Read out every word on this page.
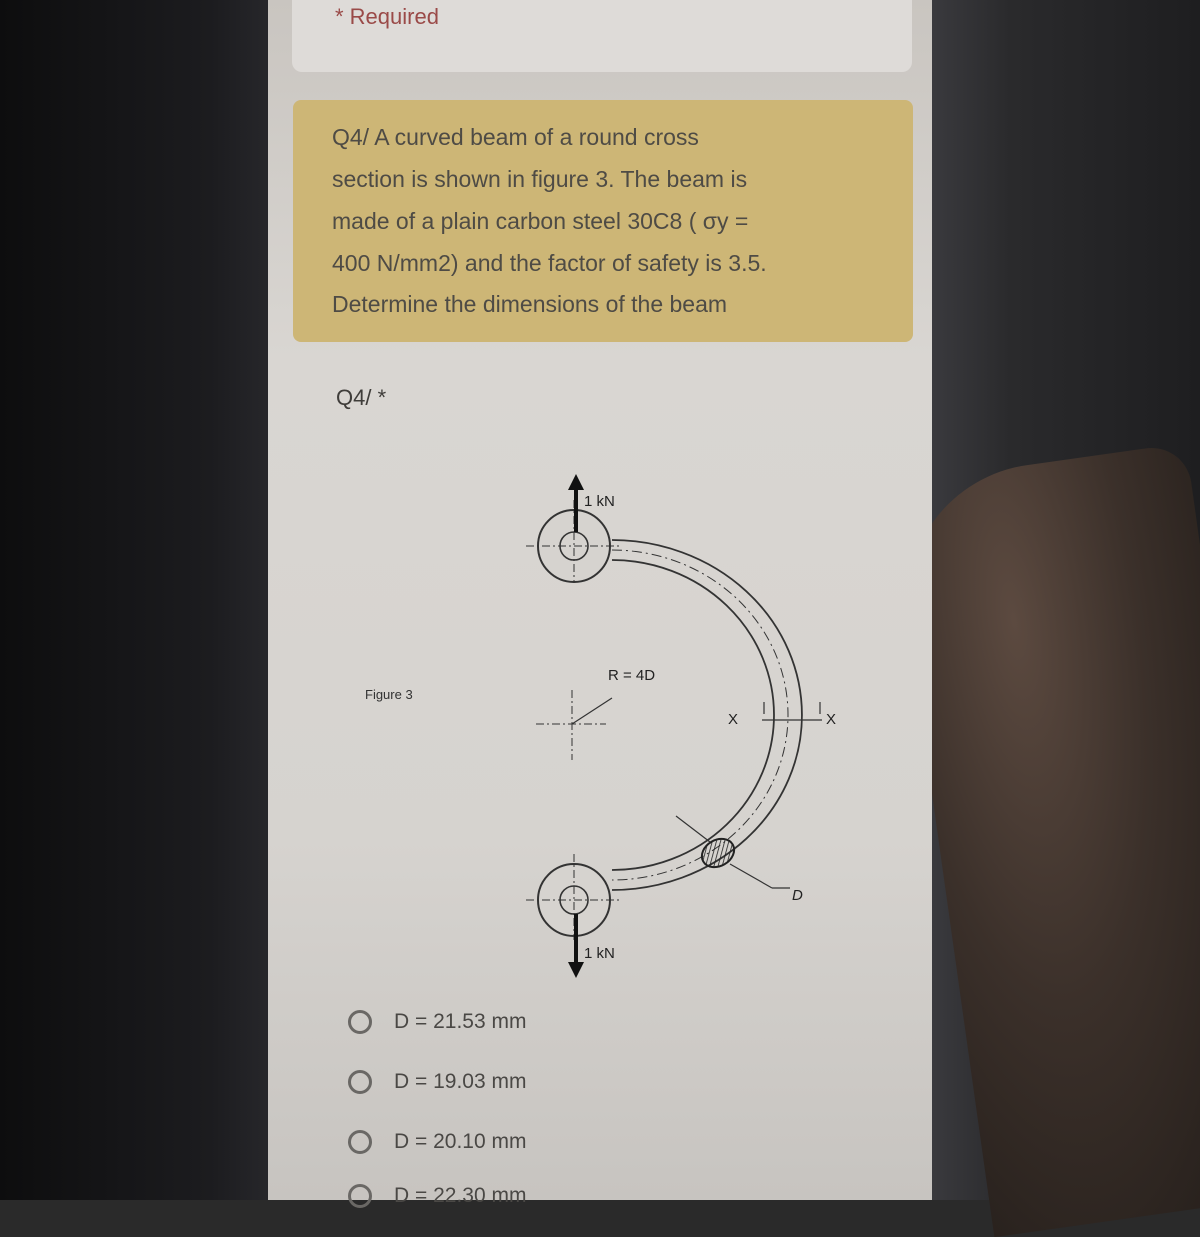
* Required
Q4/ A curved beam of a round cross
section is shown in figure 3. The beam is
made of a plain carbon steel 30C8 ( σy =
400 N/mm2) and the factor of safety is 3.5.
Determine the dimensions of the beam
Q4/ *
Figure 3
1 kN
1 kN
R = 4D
X	X
D
D = 21.53 mm
D = 19.03 mm
D = 20.10 mm
D = 22.30 mm
